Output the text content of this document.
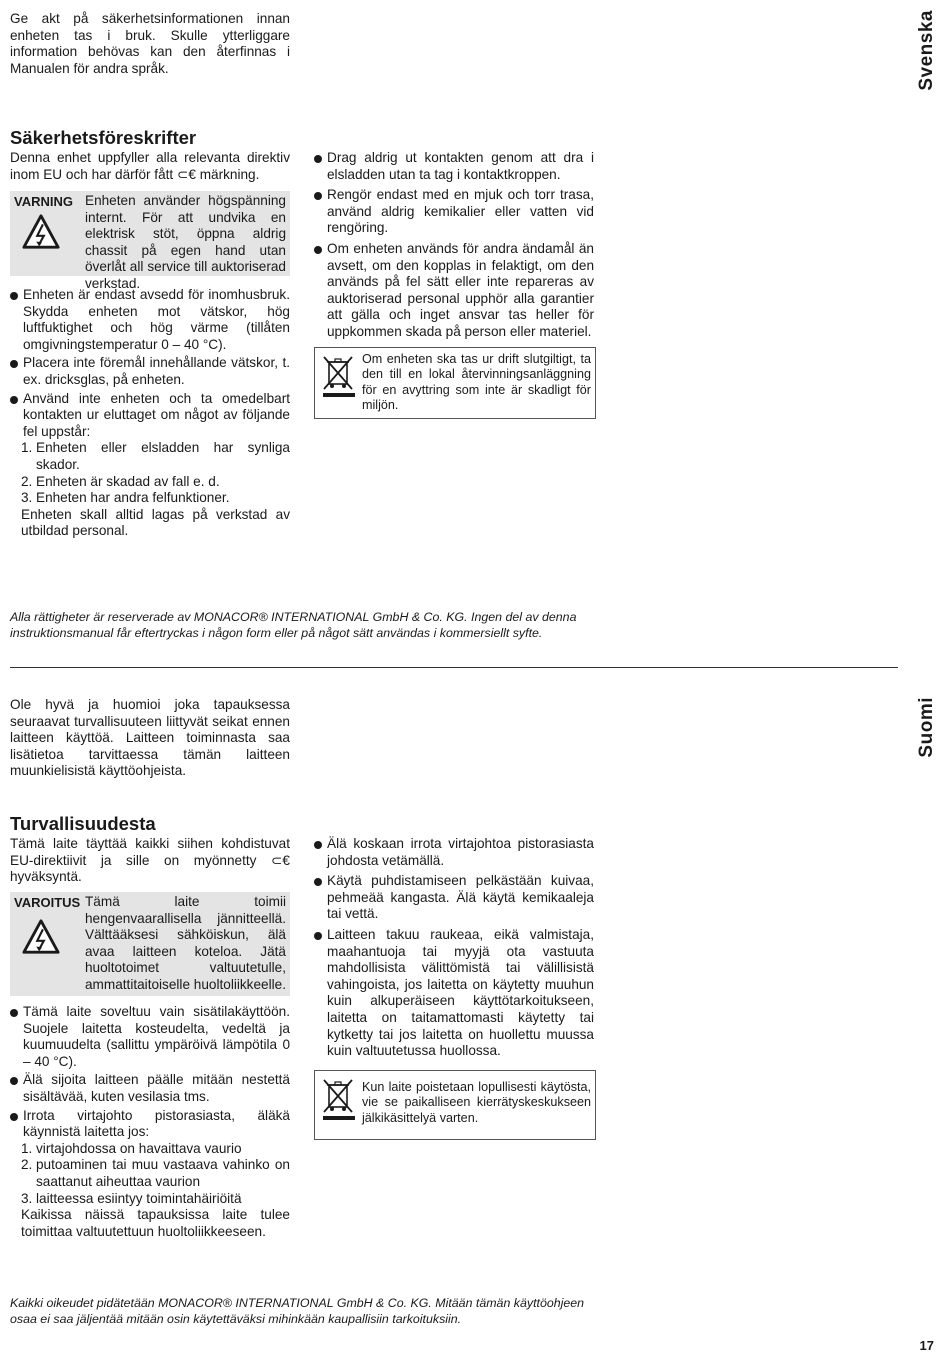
Svenska

Ge akt på säkerhetsinformationen innan enheten tas i bruk. Skulle ytterliggare information behövas kan den återfinnas i Manualen för andra språk.

Säkerhetsföreskrifter

Denna enhet uppfyller alla relevanta direktiv inom EU och har därför fått ⊂€ märkning.

VARNING Enheten använder högspänning internt. För att undvika en elektrisk stöt, öppna aldrig chassit på egen hand utan överlåt all service till auktoriserad verkstad.

Enheten är endast avsedd för inomhusbruk. Skydda enheten mot vätskor, hög luftfuktighet och hög värme (tillåten omgivningstemperatur 0 – 40 °C).
Placera inte föremål innehållande vätskor, t. ex. dricksglas, på enheten.
Använd inte enheten och ta omedelbart kontakten ur eluttaget om något av följande fel uppstår:
1. Enheten eller elsladden har synliga skador.
2. Enheten är skadad av fall e. d.
3. Enheten har andra felfunktioner.
Enheten skall alltid lagas på verkstad av utbildad personal.
Drag aldrig ut kontakten genom att dra i elsladden utan ta tag i kontaktkroppen.
Rengör endast med en mjuk och torr trasa, använd aldrig kemikalier eller vatten vid rengöring.
Om enheten används för andra ändamål än avsett, om den kopplas in felaktigt, om den används på fel sätt eller inte repareras av auktoriserad personal upphör alla garantier att gälla och inget ansvar tas heller för uppkommen skada på person eller materiel.

Om enheten ska tas ur drift slutgiltigt, ta den till en lokal återvinningsanläggning för en avyttring som inte är skadligt för miljön.

Alla rättigheter är reserverade av MONACOR® INTERNATIONAL GmbH & Co. KG. Ingen del av denna instruktionsmanual får eftertryckas i någon form eller på något sätt användas i kommersiellt syfte.

Suomi

Ole hyvä ja huomioi joka tapauksessa seuraavat turvallisuuteen liittyvät seikat ennen laitteen käyttöä. Laitteen toiminnasta saa lisätietoa tarvittaessa tämän laitteen muunkielisistä käyttöohjeista.

Turvallisuudesta

Tämä laite täyttää kaikki siihen kohdistuvat EU-direktiivit ja sille on myönnetty ⊂€ hyväksyntä.

VAROITUS Tämä laite toimii hengenvaarallisella jännitteellä. Välttääksesi sähköiskun, älä avaa laitteen koteloa. Jätä huoltotoimet valtuutetulle, ammattitaitoiselle huoltoliikkeelle.

Tämä laite soveltuu vain sisätilakäyttöön. Suojele laitetta kosteudelta, vedeltä ja kuumuudelta (sallittu ympäröivä lämpötila 0 – 40 °C).
Älä sijoita laitteen päälle mitään nestettä sisältävää, kuten vesilasia tms.
Irrota virtajohto pistorasiasta, äläkä käynnistä laitetta jos:
1. virtajohdossa on havaittava vaurio
2. putoaminen tai muu vastaava vahinko on saattanut aiheuttaa vaurion
3. laitteessa esiintyy toimintahäiriöitä
Kaikissa näissä tapauksissa laite tulee toimittaa valtuutettuun huoltoliikkeeseen.
Älä koskaan irrota virtajohtoa pistorasiasta johdosta vetämällä.
Käytä puhdistamiseen pelkästään kuivaa, pehmeää kangasta. Älä käytä kemikaaleja tai vettä.
Laitteen takuu raukeaa, eikä valmistaja, maahantuoja tai myyjä ota vastuuta mahdollisista välittömistä tai välillisistä vahingoista, jos laitetta on käytetty muuhun kuin alkuperäiseen käyttötarkoitukseen, laitetta on taitamattomasti käytetty tai kytketty tai jos laitetta on huollettu muussa kuin valtuutetussa huollossa.

Kun laite poistetaan lopullisesti käytösta, vie se paikalliseen kierrätyskeskukseen jälkikäsittelyä varten.

Kaikki oikeudet pidätetään MONACOR® INTERNATIONAL GmbH & Co. KG. Mitään tämän käyttöohjeen osaa ei saa jäljentää mitään osin käytettäväksi mihinkään kaupallisiin tarkoituksiin.

17
